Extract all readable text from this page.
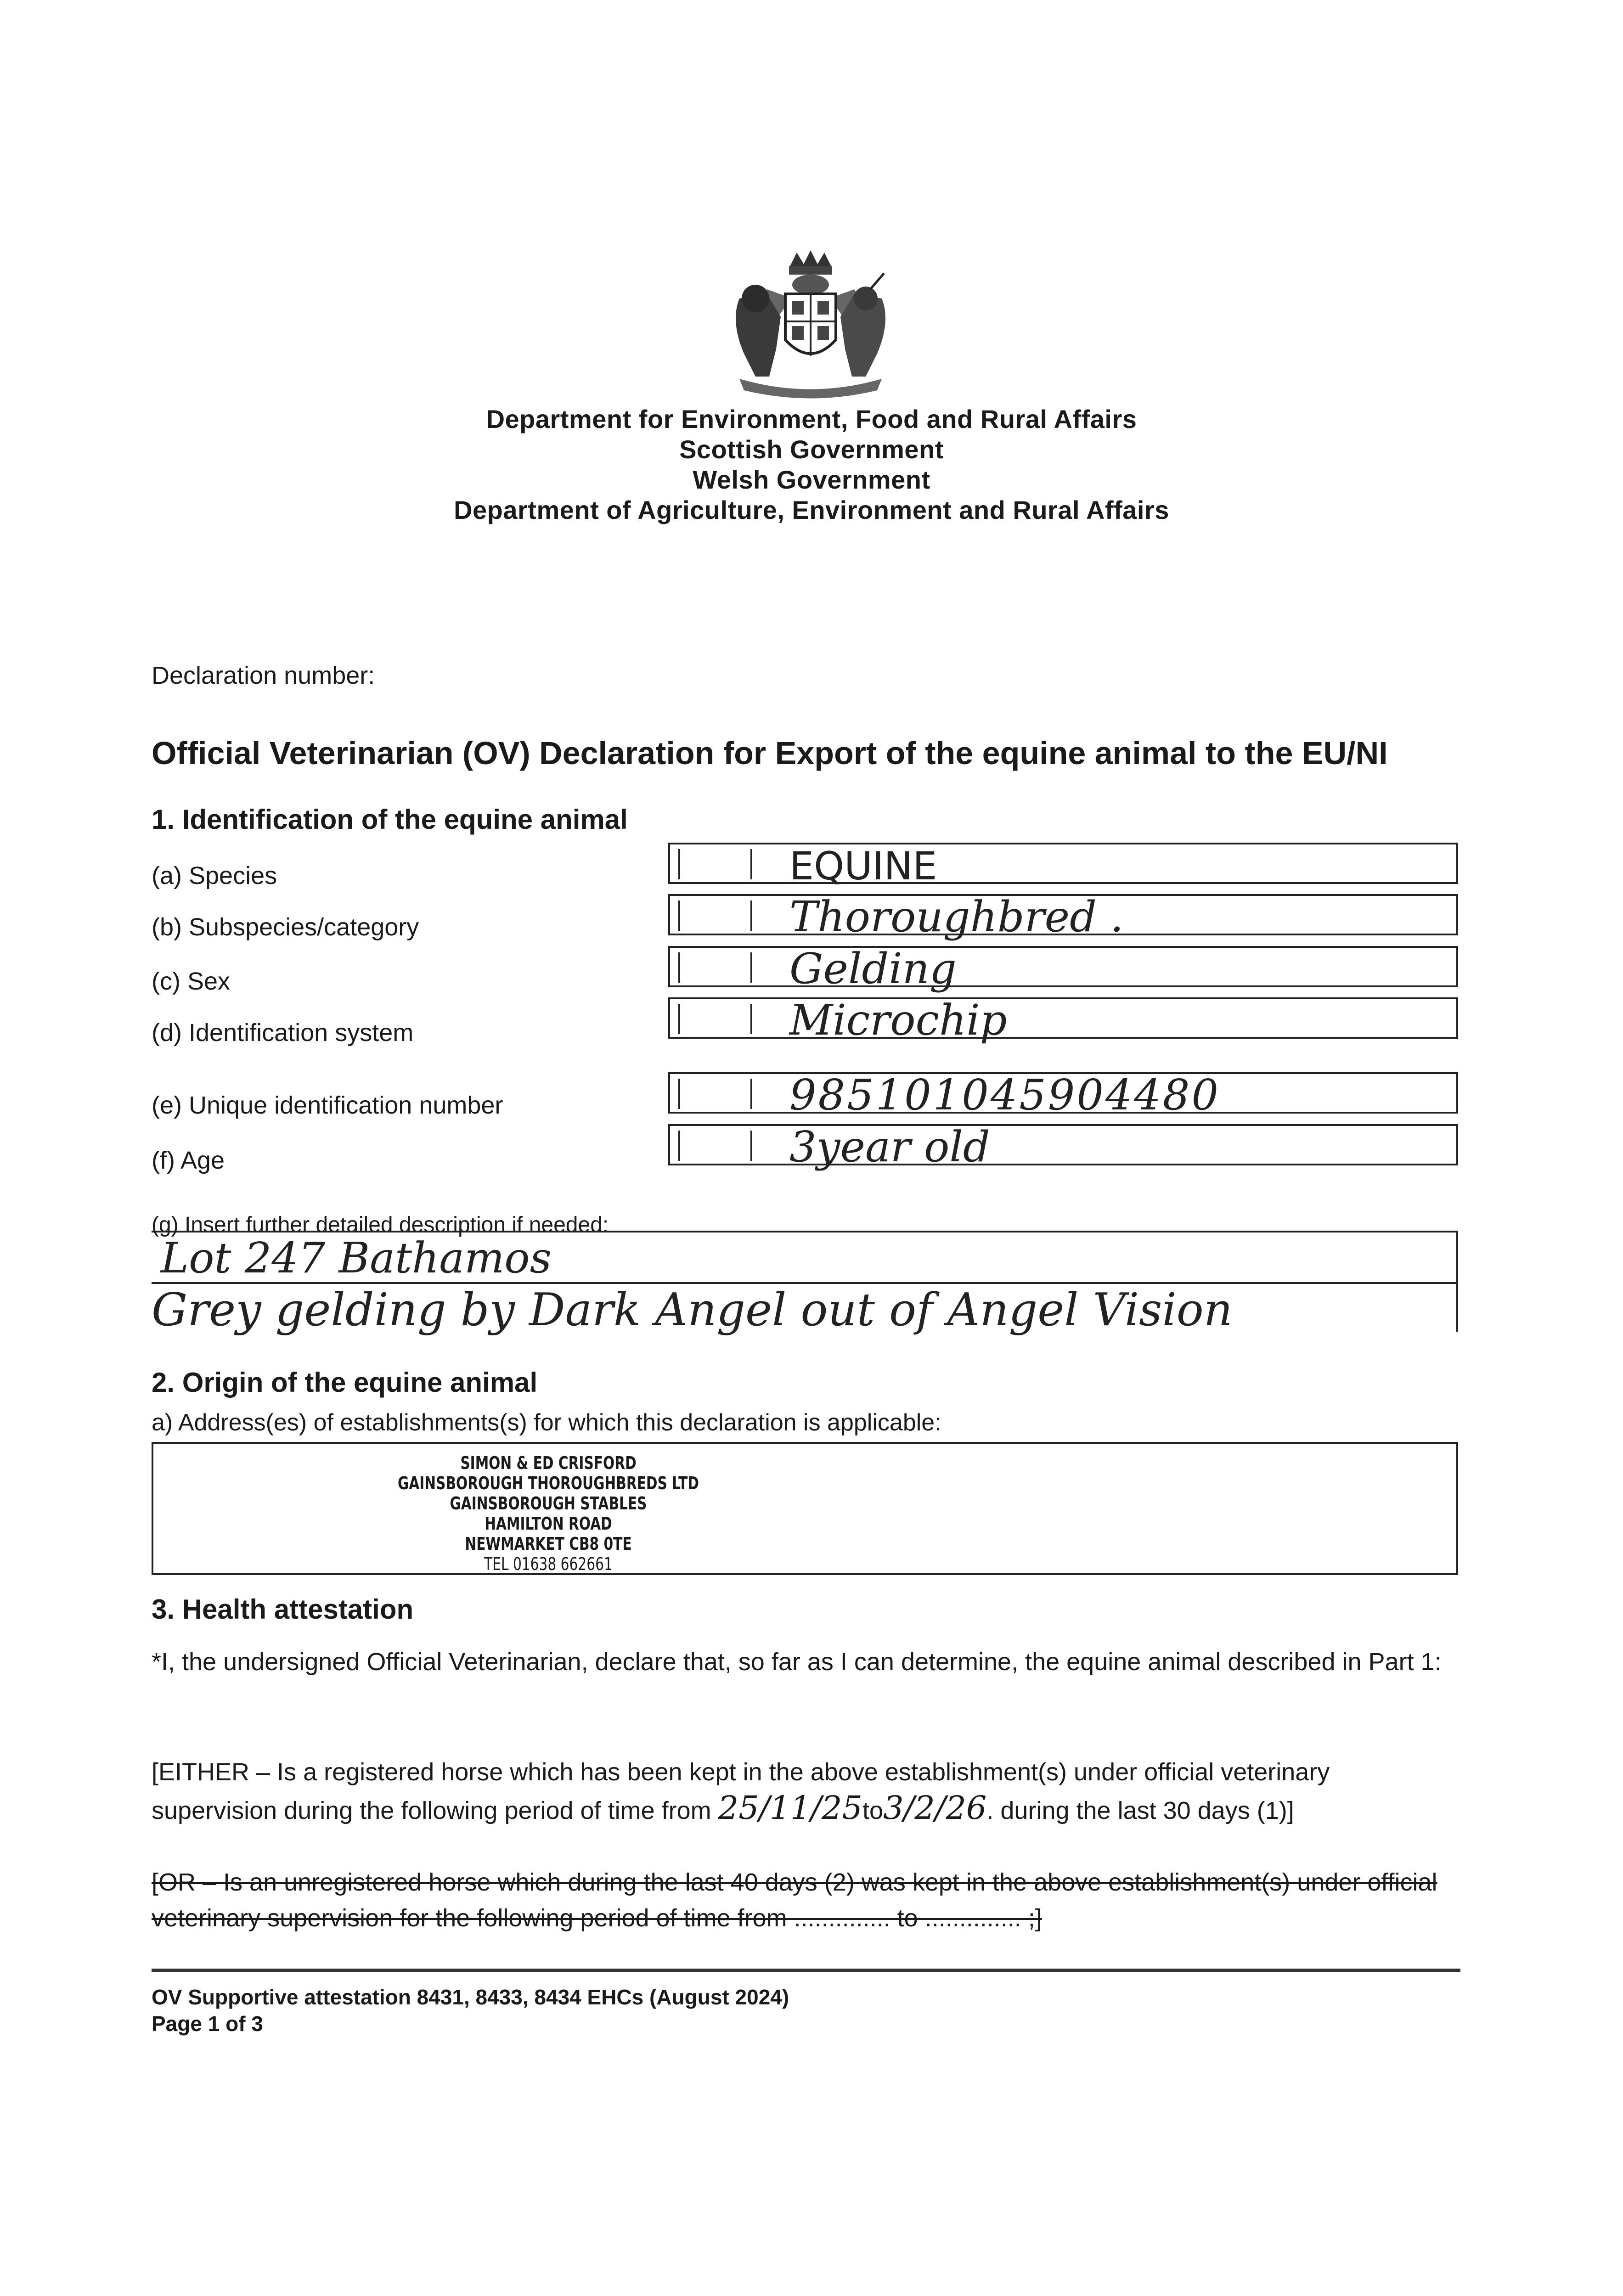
Department for Environment, Food and Rural Affairs
Scottish Government
Welsh Government
Department of Agriculture, Environment and Rural Affairs
Declaration number:
Official Veterinarian (OV) Declaration for Export of the equine animal to the EU/NI
1. Identification of the equine animal
(a) Species	EQUINE
(b) Subspecies/category	Thoroughbred .
(c) Sex	Gelding
(d) Identification system	Microchip
(e) Unique identification number	985101045904480
(f) Age	3year old
(g) Insert further detailed description if needed:
Lot 247 Bathamos
Grey gelding by Dark Angel out of Angel Vision
2. Origin of the equine animal
a) Address(es) of establishments(s) for which this declaration is applicable:
SIMON & ED CRISFORD
GAINSBOROUGH THOROUGHBREDS LTD
GAINSBOROUGH STABLES
HAMILTON ROAD
NEWMARKET CB8 0TE
TEL 01638 662661
3. Health attestation
*I, the undersigned Official Veterinarian, declare that, so far as I can determine, the equine animal described in Part 1:
[EITHER – Is a registered horse which has been kept in the above establishment(s) under official veterinary supervision during the following period of time from 25/11/25to3/2/26. during the last 30 days (1)]
[OR – Is an unregistered horse which during the last 40 days (2) was kept in the above establishment(s) under official veterinary supervision for the following period of time from .............. to .............. ;]
OV Supportive attestation 8431, 8433, 8434 EHCs (August 2024)
Page 1 of 3
